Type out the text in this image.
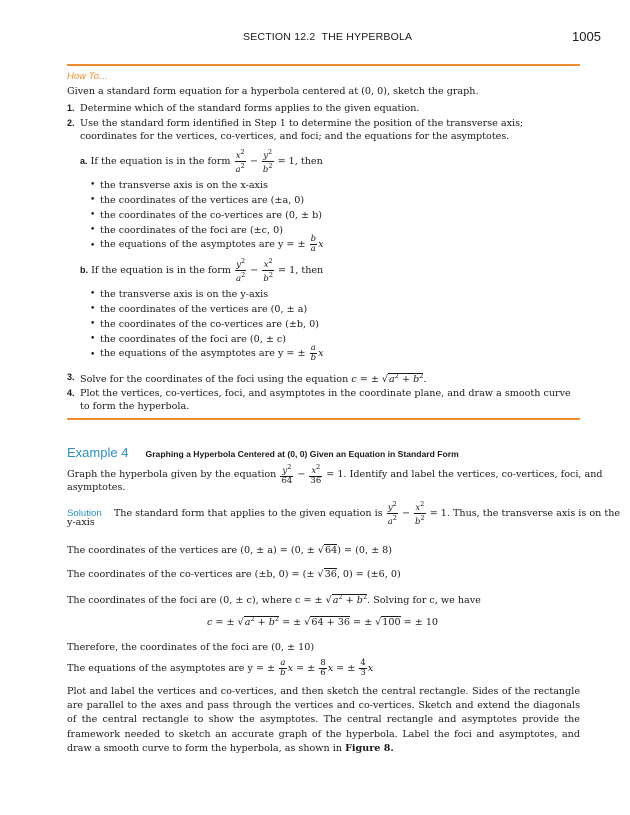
SECTION 12.2 THE HYPERBOLA	1005
How To…
Given a standard form equation for a hyperbola centered at (0, 0), sketch the graph.
1. Determine which of the standard forms applies to the given equation.
2. Use the standard form identified in Step 1 to determine the position of the transverse axis; coordinates for the vertices, co-vertices, and foci; and the equations for the asymptotes.
a. If the equation is in the form $\frac{x^2}{a^2} - \frac{y^2}{b^2} = 1$, then
• the transverse axis is on the x-axis
• the coordinates of the vertices are (±a, 0)
• the coordinates of the co-vertices are (0, ± b)
• the coordinates of the foci are (±c, 0)
• the equations of the asymptotes are y = ± $\frac{b}{a}$ x
b. If the equation is in the form $\frac{y^2}{a^2} - \frac{x^2}{b^2} = 1$, then
• the transverse axis is on the y-axis
• the coordinates of the vertices are (0, ± a)
• the coordinates of the co-vertices are (±b, 0)
• the coordinates of the foci are (0, ± c)
• the equations of the asymptotes are y = ± $\frac{a}{b}$ x
3. Solve for the coordinates of the foci using the equation c = ± $√a^2 + b^2$.
4. Plot the vertices, co-vertices, foci, and asymptotes in the coordinate plane, and draw a smooth curve to form the hyperbola.
Example 4 Graphing a Hyperbola Centered at (0, 0) Given an Equation in Standard Form
Graph the hyperbola given by the equation $\frac{y^2}{64} - \frac{x^2}{36} = 1$. Identify and label the vertices, co-vertices, foci, and
asymptotes.
Solution The standard form that applies to the given equation is $\frac{y^2}{a^2} - \frac{x^2}{b^2} = 1$. Thus, the transverse axis is on the
y-axis
The coordinates of the vertices are (0, ± a) = (0, ± √64) = (0, ± 8)
The coordinates of the co-vertices are (±b, 0) = (± √36, 0) = (±6, 0)
The coordinates of the foci are (0, ± c), where c = ± $√a^2 + b^2$. Solving for c, we have
c = ± $√a^2 + b^2$ = ± √64 + 36 = ± √100 = ± 10
Therefore, the coordinates of the foci are (0, ± 10)
The equations of the asymptotes are y = ± $\frac{a}{b}$ x = ± $\frac{8}{6}$ x = ± $\frac{4}{3}$ x
Plot and label the vertices and co-vertices, and then sketch the central rectangle. Sides of the rectangle are parallel to the axes and pass through the vertices and co-vertices. Sketch and extend the diagonals of the central rectangle to show the asymptotes. The central rectangle and asymptotes provide the framework needed to sketch an accurate graph of the hyperbola. Label the foci and asymptotes, and draw a smooth curve to form the hyperbola, as shown in Figure 8.
